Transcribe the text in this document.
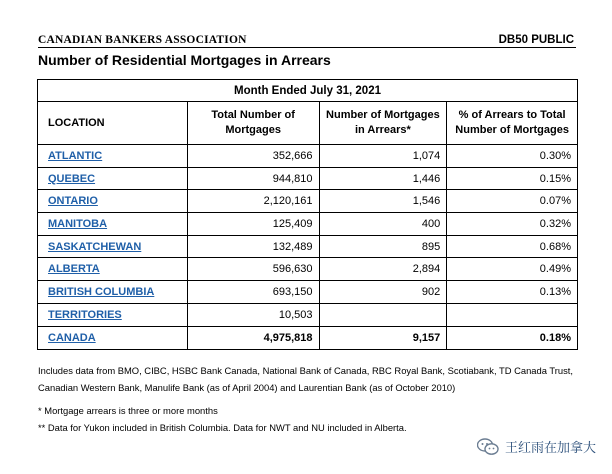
CANADIAN BANKERS ASSOCIATION	DB50 PUBLIC
Number of Residential Mortgages in Arrears
Month Ended July 31, 2021			
LOCATION	Total Number of Mortgages	Number of Mortgages in Arrears*	% of Arrears to Total Number of Mortgages
ATLANTIC	352,666	1,074	0.30%
QUEBEC	944,810	1,446	0.15%
ONTARIO	2,120,161	1,546	0.07%
MANITOBA	125,409	400	0.32%
SASKATCHEWAN	132,489	895	0.68%
ALBERTA	596,630	2,894	0.49%
BRITISH COLUMBIA	693,150	902	0.13%
TERRITORIES	10,503		
CANADA	4,975,818	9,157	0.18%
Includes data from BMO, CIBC, HSBC Bank Canada, National Bank of Canada, RBC Royal Bank, Scotiabank, TD Canada Trust,
Canadian Western Bank, Manulife Bank (as of April 2004) and Laurentian Bank (as of October 2010)
* Mortgage arrears is three or more months
** Data for Yukon included in British Columbia. Data for NWT and NU included in Alberta.
王红雨在加拿大
